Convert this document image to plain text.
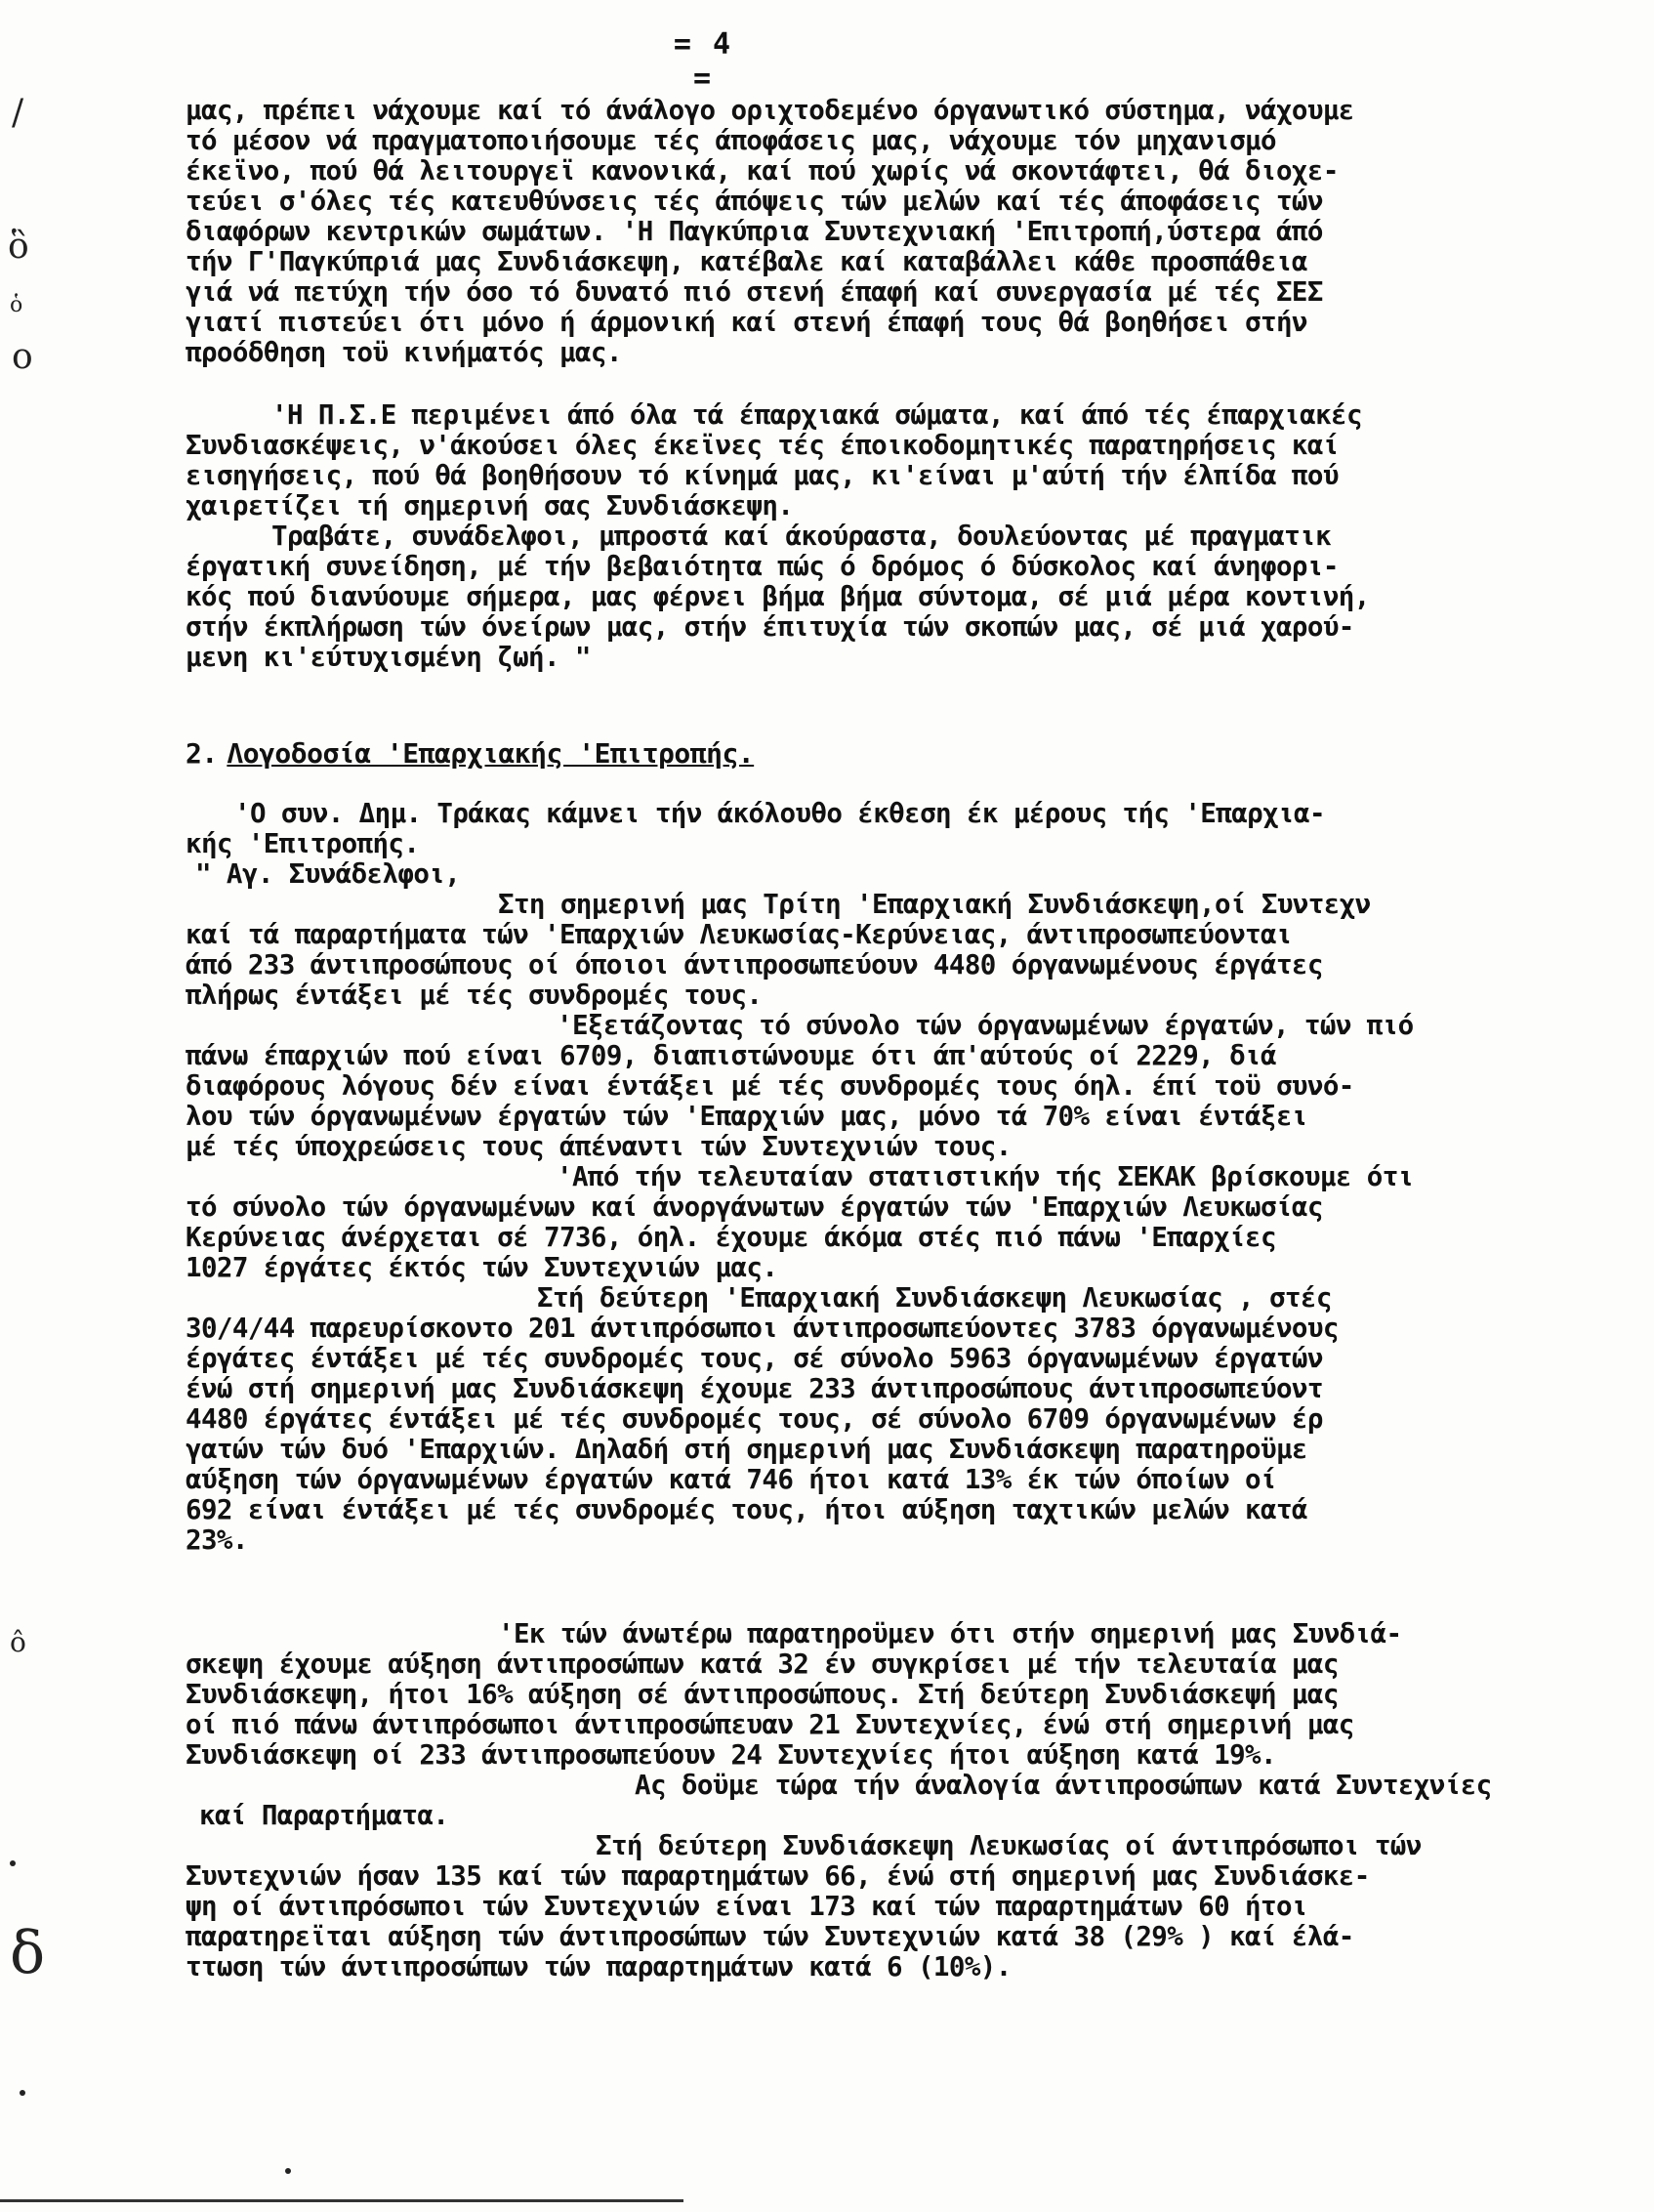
= 4 =
/
ὃ
ὁ
ο
ô
δ
μας, πρέπει νάχουμε καί τό άνάλογο οριχτοδεμένο όργανωτικό σύστημα, νάχουμε
τό μέσον νά πραγματοποιήσουμε τές άποφάσεις μας, νάχουμε τόν μηχανισμό
έκεϊνο, πού θά λειτουργεϊ κανονικά, καί πού χωρίς νά σκοντάφτει, θά διοχε-
τεύει σ'όλες τές κατευθύνσεις τές άπόψεις τών μελών καί τές άποφάσεις τών
διαφόρων κεντρικών σωμάτων. 'Η Παγκύπρια Συντεχνιακή 'Επιτροπή,ύστερα άπό
τήν Γ'Παγκύπριά μας Συνδιάσκεψη, κατέβαλε καί καταβάλλει κάθε προσπάθεια
γιά νά πετύχη τήν όσο τό δυνατό πιό στενή έπαφή καί συνεργασία μέ τές ΣΕΣ
γιατί πιστεύει ότι μόνο ή άρμονική καί στενή έπαφή τους θά βοηθήσει στήν
προόδθηση τοϋ κινήματός μας.
'Η Π.Σ.Ε περιμένει άπό όλα τά έπαρχιακά σώματα, καί άπό τές έπαρχιακές
Συνδιασκέψεις, ν'άκούσει όλες έκεϊνες τές έποικοδομητικές παρατηρήσεις καί
εισηγήσεις, πού θά βοηθήσουν τό κίνημά μας, κι'είναι μ'αύτή τήν έλπίδα πού
χαιρετίζει τή σημερινή σας Συνδιάσκεψη.
Τραβάτε, συνάδελφοι, μπροστά καί άκούραστα, δουλεύοντας μέ πραγματικ
έργατική συνείδηση, μέ τήν βεβαιότητα πώς ό δρόμος ό δύσκολος καί άνηφορι-
κός πού διανύουμε σήμερα, μας φέρνει βήμα βήμα σύντομα, σέ μιά μέρα κοντινή,
στήν έκπλήρωση τών όνείρων μας, στήν έπιτυχία τών σκοπών μας, σέ μιά χαρού-
μενη κι'εύτυχισμένη ζωή. "
2. Λογοδοσία 'Επαρχιακής 'Επιτροπής.
'Ο συν. Δημ. Τράκας κάμνει τήν άκόλουθο έκθεση έκ μέρους τής 'Επαρχια-
κής 'Επιτροπής.
" Αγ. Συνάδελφοι,
Στη σημερινή μας Τρίτη 'Επαρχιακή Συνδιάσκεψη,οί Συντεχν
καί τά παραρτήματα τών 'Επαρχιών Λευκωσίας-Κερύνειας, άντιπροσωπεύονται
άπό 233 άντιπροσώπους οί όποιοι άντιπροσωπεύουν 4480 όργανωμένους έργάτες
πλήρως έντάξει μέ τές συνδρομές τους.
'Εξετάζοντας τό σύνολο τών όργανωμένων έργατών, τών πιό
πάνω έπαρχιών πού είναι 6709, διαπιστώνουμε ότι άπ'αύτούς οί 2229, διά
διαφόρους λόγους δέν είναι έντάξει μέ τές συνδρομές τους όηλ. έπί τοϋ συνό-
λου τών όργανωμένων έργατών τών 'Επαρχιών μας, μόνο τά 70% είναι έντάξει
μέ τές ύποχρεώσεις τους άπέναντι τών Συντεχνιών τους.
'Από τήν τελευταίαν στατιστικήν τής ΣΕΚΑΚ βρίσκουμε ότι
τό σύνολο τών όργανωμένων καί άνοργάνωτων έργατών τών 'Επαρχιών Λευκωσίας
Κερύνειας άνέρχεται σέ 7736, όηλ. έχουμε άκόμα στές πιό πάνω 'Επαρχίες
1027 έργάτες έκτός τών Συντεχνιών μας.
Στή δεύτερη 'Επαρχιακή Συνδιάσκεψη Λευκωσίας , στές
30/4/44 παρευρίσκοντο 201 άντιπρόσωποι άντιπροσωπεύοντες 3783 όργανωμένους
έργάτες έντάξει μέ τές συνδρομές τους, σέ σύνολο 5963 όργανωμένων έργατών
ένώ στή σημερινή μας Συνδιάσκεψη έχουμε 233 άντιπροσώπους άντιπροσωπεύοντ
4480 έργάτες έντάξει μέ τές συνδρομές τους, σέ σύνολο 6709 όργανωμένων έρ
γατών τών δυό 'Επαρχιών. Δηλαδή στή σημερινή μας Συνδιάσκεψη παρατηροϋμε
αύξηση τών όργανωμένων έργατών κατά 746 ήτοι κατά 13% έκ τών όποίων οί
692 είναι έντάξει μέ τές συνδρομές τους, ήτοι αύξηση ταχτικών μελών κατά
23%.
'Εκ τών άνωτέρω παρατηροϋμεν ότι στήν σημερινή μας Συνδιά-
σκεψη έχουμε αύξηση άντιπροσώπων κατά 32 έν συγκρίσει μέ τήν τελευταία μας
Συνδιάσκεψη, ήτοι 16% αύξηση σέ άντιπροσώπους. Στή δεύτερη Συνδιάσκεψή μας
οί πιό πάνω άντιπρόσωποι άντιπροσώπευαν 21 Συντεχνίες, ένώ στή σημερινή μας
Συνδιάσκεψη οί 233 άντιπροσωπεύουν 24 Συντεχνίες ήτοι αύξηση κατά 19%.
Ας δοϋμε τώρα τήν άναλογία άντιπροσώπων κατά Συντεχνίες
καί Παραρτήματα.
Στή δεύτερη Συνδιάσκεψη Λευκωσίας οί άντιπρόσωποι τών
Συντεχνιών ήσαν 135 καί τών παραρτημάτων 66, ένώ στή σημερινή μας Συνδιάσκε-
ψη οί άντιπρόσωποι τών Συντεχνιών είναι 173 καί τών παραρτημάτων 60 ήτοι
παρατηρεϊται αύξηση τών άντιπροσώπων τών Συντεχνιών κατά 38 (29% ) καί έλά-
ττωση τών άντιπροσώπων τών παραρτημάτων κατά 6 (10%).
